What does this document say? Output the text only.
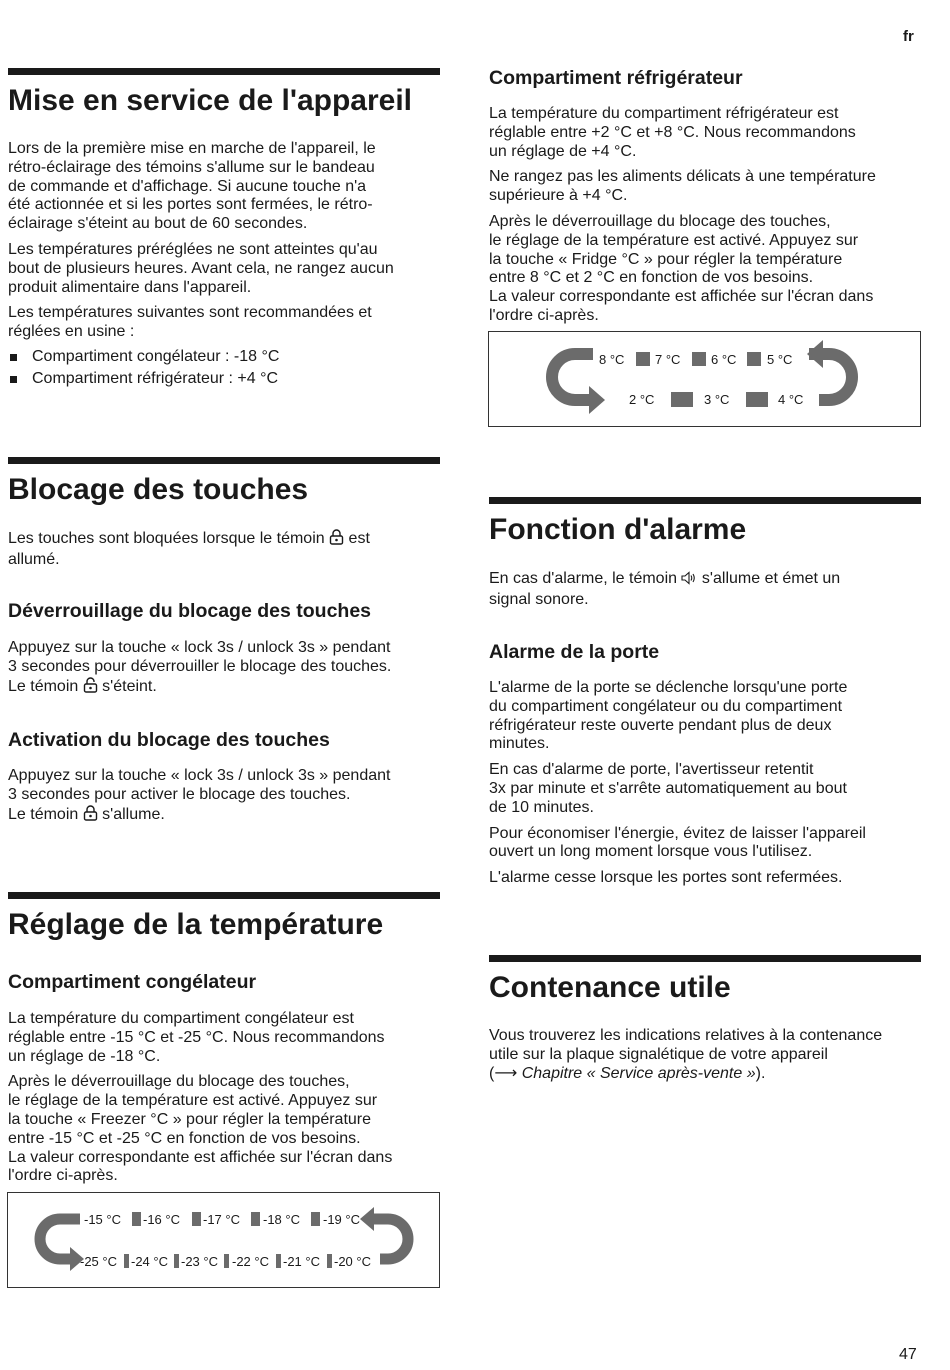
fr
Mise en service de l'appareil

Lors de la première mise en marche de l'appareil, le
rétro-éclairage des témoins s'allume sur le bandeau
de commande et d'affichage. Si aucune touche n'a
été actionnée et si les portes sont fermées, le rétro-
éclairage s'éteint au bout de 60 secondes.

Les températures préréglées ne sont atteintes qu'au
bout de plusieurs heures. Avant cela, ne rangez aucun
produit alimentaire dans l'appareil.

Les températures suivantes sont recommandées et
réglées en usine :

Compartiment congélateur : -18 °C
Compartiment réfrigérateur : +4 °C
Blocage des touches

Les touches sont bloquées lorsque le témoin  est
allumé.

Déverrouillage du blocage des touches

Appuyez sur la touche « lock 3s / unlock 3s » pendant
3 secondes pour déverrouiller le blocage des touches.
Le témoin  s'éteint.

Activation du blocage des touches

Appuyez sur la touche « lock 3s / unlock 3s » pendant
3 secondes pour activer le blocage des touches.
Le témoin  s'allume.

Réglage de la température
Compartiment congélateur

La température du compartiment congélateur est
réglable entre -15 °C et -25 °C. Nous recommandons
un réglage de -18 °C.

Après le déverrouillage du blocage des touches,
le réglage de la température est activé. Appuyez sur
la touche « Freezer °C » pour régler la température
entre -15 °C et -25 °C en fonction de vos besoins.
La valeur correspondante est affichée sur l'écran dans
l'ordre ci-après.

-15 °C -16 °C -17 °C -18 °C -19 °C
-25 °C -24 °C -23 °C -22 °C -21 °C -20 °C
Compartiment réfrigérateur

La température du compartiment réfrigérateur est
réglable entre +2 °C et +8 °C. Nous recommandons
un réglage de +4 °C.

Ne rangez pas les aliments délicats à une température
supérieure à +4 °C.

Après le déverrouillage du blocage des touches,
le réglage de la température est activé. Appuyez sur
la touche « Fridge °C » pour régler la température
entre 8 °C et 2 °C en fonction de vos besoins.
La valeur correspondante est affichée sur l'écran dans
l'ordre ci-après.

8 °C 7 °C 6 °C 5 °C
2 °C	3 °C	4 °C
Fonction d'alarme

En cas d'alarme, le témoin  s'allume et émet un
signal sonore.

Alarme de la porte

L'alarme de la porte se déclenche lorsqu'une porte
du compartiment congélateur ou du compartiment
réfrigérateur reste ouverte pendant plus de deux
minutes.

En cas d'alarme de porte, l'avertisseur retentit
3x par minute et s'arrête automatiquement au bout
de 10 minutes.

Pour économiser l'énergie, évitez de laisser l'appareil
ouvert un long moment lorsque vous l'utilisez.

L'alarme cesse lorsque les portes sont refermées.

Contenance utile

Vous trouverez les indications relatives à la contenance
utile sur la plaque signalétique de votre appareil
(⟶ Chapitre « Service après-vente »).

47
